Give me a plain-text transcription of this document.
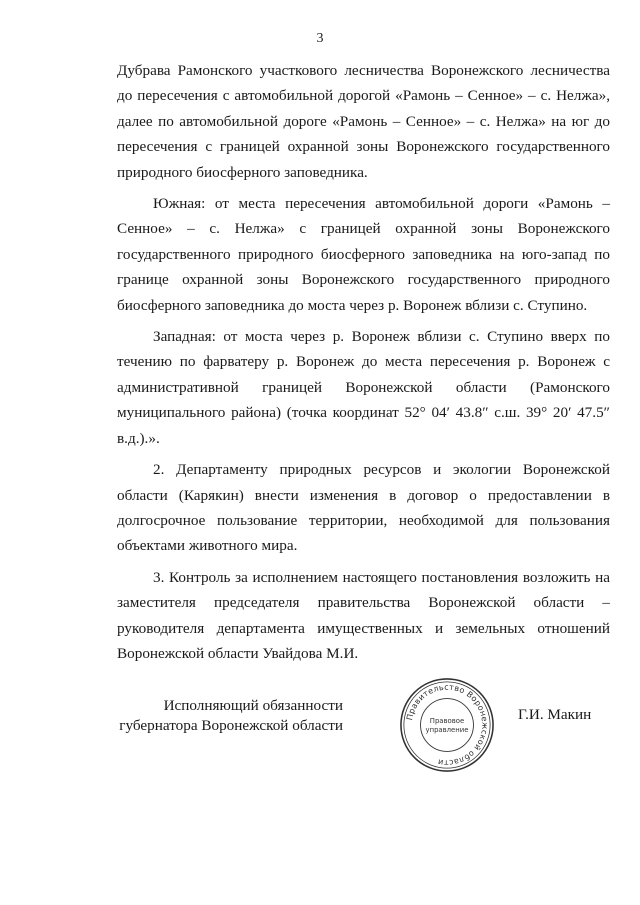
3

Дубрава Рамонского участкового лесничества Воронежского лесничества до пересечения с автомобильной дорогой «Рамонь – Сенное» – с. Нелжа», далее по автомобильной дороге «Рамонь – Сенное» – с. Нелжа» на юг до пересечения с границей охранной зоны Воронежского государственного природного биосферного заповедника.

Южная: от места пересечения автомобильной дороги «Рамонь – Сенное» – с. Нелжа» с границей охранной зоны Воронежского государственного природного биосферного заповедника на юго-запад по границе охранной зоны Воронежского государственного природного биосферного заповедника до моста через р. Воронеж вблизи с. Ступино.

Западная: от моста через р. Воронеж вблизи с. Ступино вверх по течению по фарватеру р. Воронеж до места пересечения р. Воронеж с административной границей Воронежской области (Рамонского муниципального района) (точка координат 52° 04′ 43.8″ с.ш. 39° 20′ 47.5″ в.д.).».

2. Департаменту природных ресурсов и экологии Воронежской области (Карякин) внести изменения в договор о предоставлении в долгосрочное пользование территории, необходимой для пользования объектами животного мира.

3. Контроль за исполнением настоящего постановления возложить на заместителя председателя правительства Воронежской области – руководителя департамента имущественных и земельных отношений Воронежской области Увайдова М.И.

Исполняющий обязанности
губернатора Воронежской области
Правительство Воронежской области
Правовое
управление
Г.И. Макин
